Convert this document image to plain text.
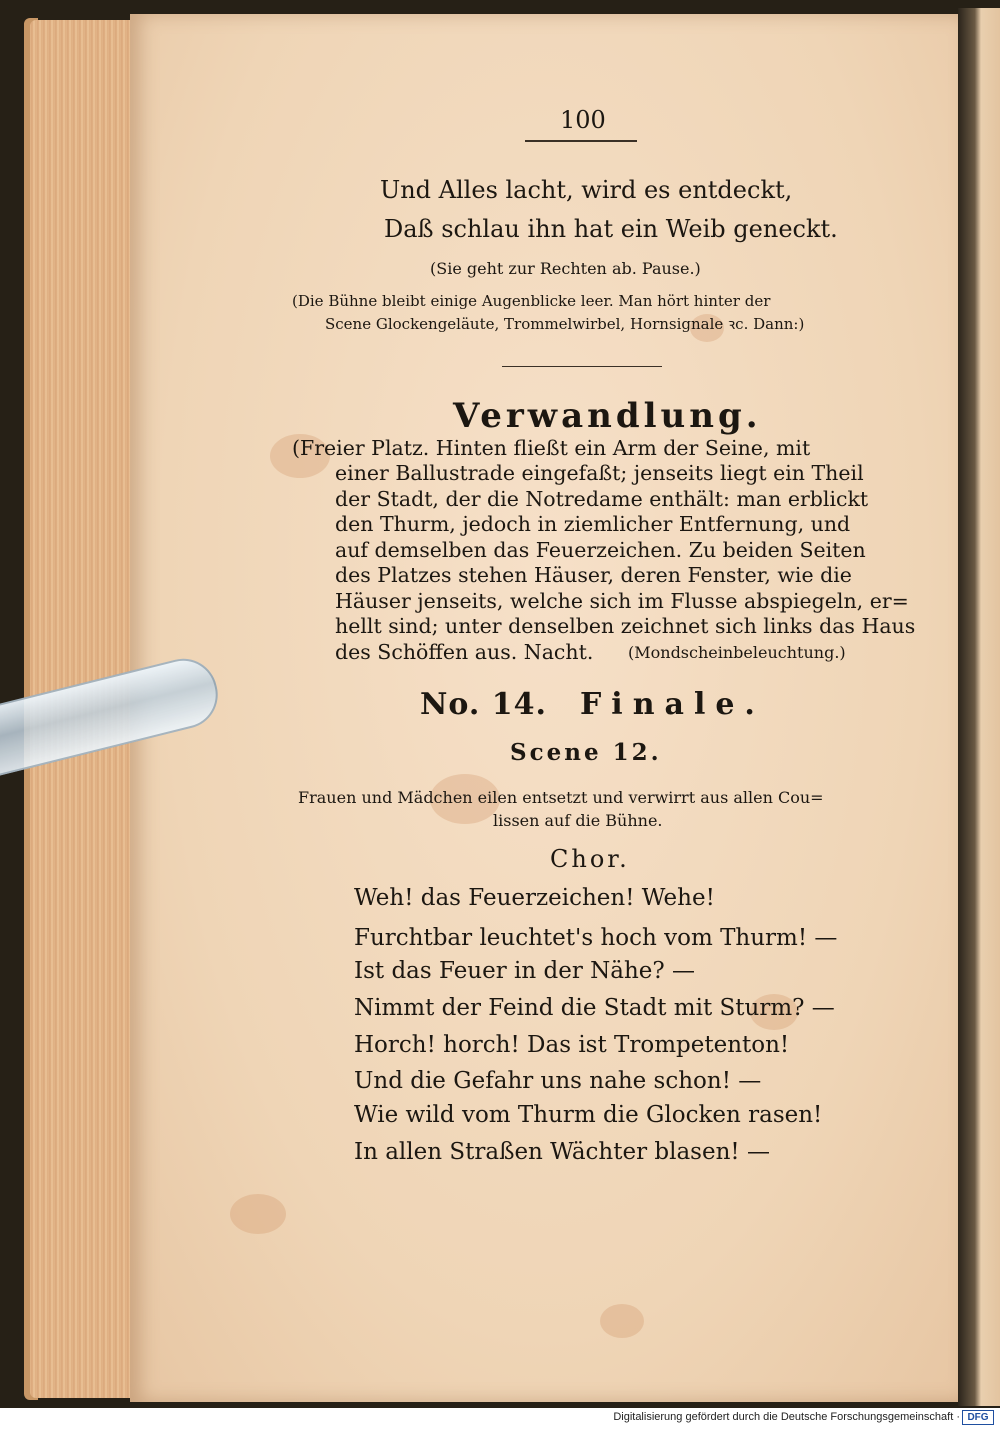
100
Und Alles lacht, wird es entdeckt,
Daß schlau ihn hat ein Weib geneckt.
(Sie geht zur Rechten ab. Pause.)
(Die Bühne bleibt einige Augenblicke leer. Man hört hinter der
Scene Glockengeläute, Trommelwirbel, Hornsignale ꝛc. Dann:)
Verwandlung.
(Freier Platz. Hinten fließt ein Arm der Seine, mit
einer Ballustrade eingefaßt; jenseits liegt ein Theil
der Stadt, der die Notredame enthält: man erblickt
den Thurm, jedoch in ziemlicher Entfernung, und
auf demselben das Feuerzeichen. Zu beiden Seiten
des Platzes stehen Häuser, deren Fenster, wie die
Häuser jenseits, welche sich im Flusse abspiegeln, er=
hellt sind; unter denselben zeichnet sich links das Haus
des Schöffen aus. Nacht. (Mondscheinbeleuchtung.)
No. 14. Finale.
Scene 12.
Frauen und Mädchen eilen entsetzt und verwirrt aus allen Cou=
lissen auf die Bühne.
Chor.
Weh! das Feuerzeichen! Wehe!
Furchtbar leuchtet's hoch vom Thurm! —
Ist das Feuer in der Nähe? —
Nimmt der Feind die Stadt mit Sturm? —
Horch! horch! Das ist Trompetenton!
Und die Gefahr uns nahe schon! —
Wie wild vom Thurm die Glocken rasen!
In allen Straßen Wächter blasen! —
Digitalisierung gefördert durch die Deutsche Forschungsgemeinschaft · DFG
